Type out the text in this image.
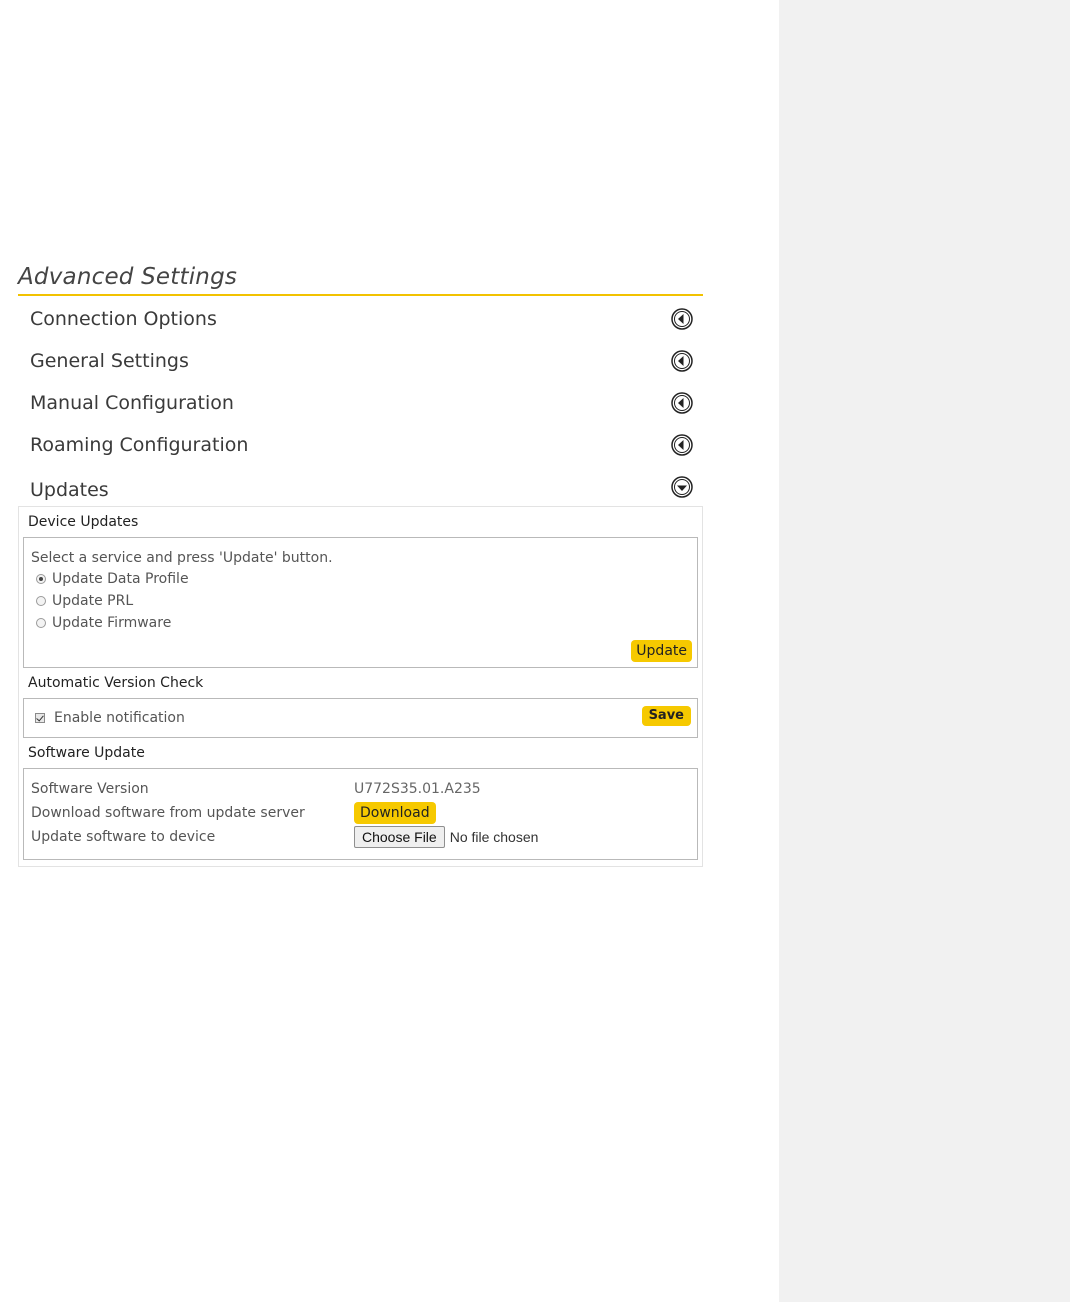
Advanced Settings
Connection Options
General Settings
Manual Configuration
Roaming Configuration
Updates
Device Updates
Select a service and press 'Update' button.
Update Data Profile
Update PRL
Update Firmware
Update
Automatic Version Check
Enable notification	Save
Software Update
Software Version	U772S35.01.A235
Download software from update server	Download
Update software to device	Choose File No file chosen
